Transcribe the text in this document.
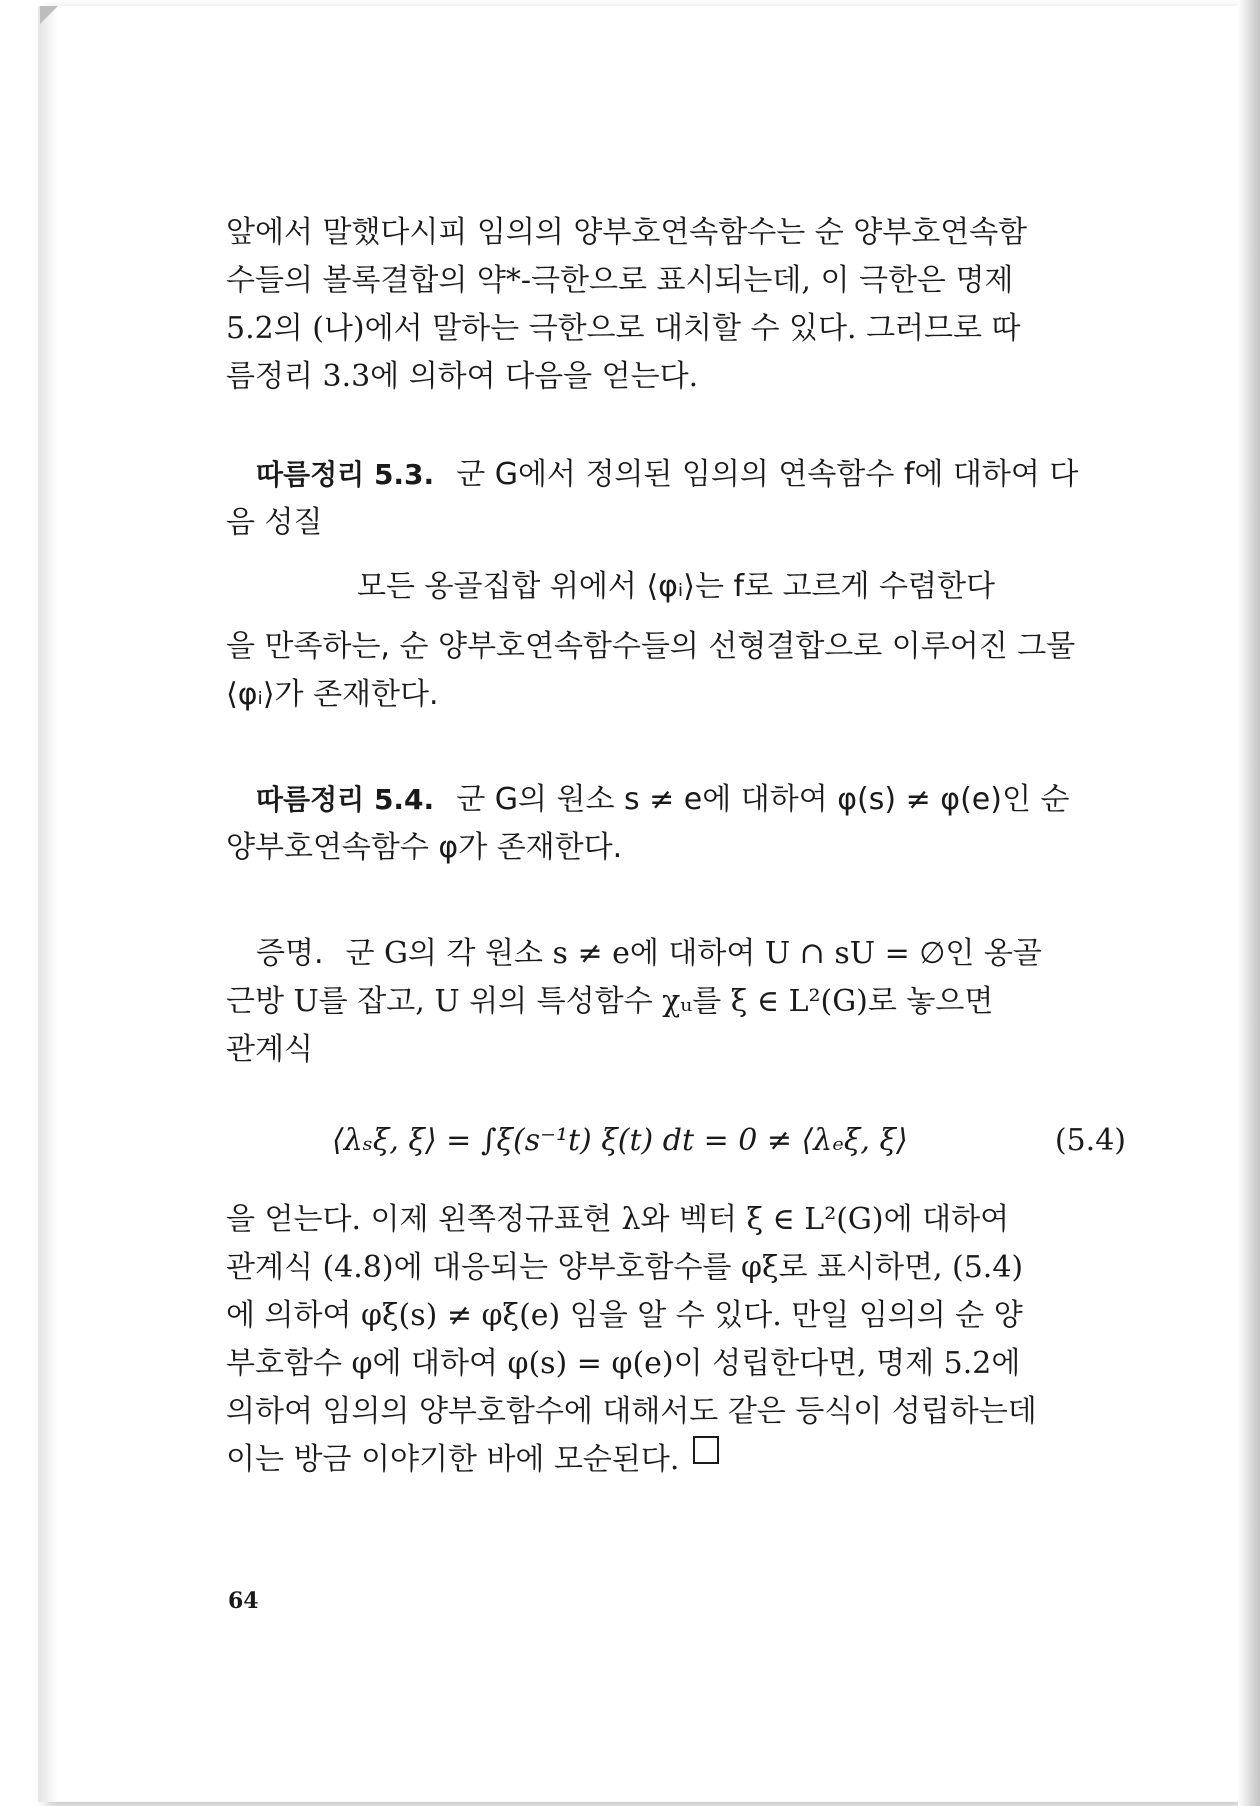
앞에서 말했다시피 임의의 양부호연속함수는 순 양부호연속함
수들의 볼록결합의 약*-극한으로 표시되는데, 이 극한은 명제
5.2의 (나)에서 말하는 극한으로 대치할 수 있다. 그러므로 따
름정리 3.3에 의하여 다음을 얻는다.
따름정리 5.3. 군 G에서 정의된 임의의 연속함수 f에 대하여 다
음 성질
모든 옹골집합 위에서 ⟨φᵢ⟩는 f로 고르게 수렴한다
을 만족하는, 순 양부호연속함수들의 선형결합으로 이루어진 그물
⟨φᵢ⟩가 존재한다.
따름정리 5.4. 군 G의 원소 s ≠ e에 대하여 φ(s) ≠ φ(e)인 순
양부호연속함수 φ가 존재한다.
증명. 군 G의 각 원소 s ≠ e에 대하여 U ∩ sU = ∅인 옹골
근방 U를 잡고, U 위의 특성함수 χᵤ를 ξ ∈ L²(G)로 놓으면
관계식
⟨λₛξ, ξ⟩ = ∫ξ(s⁻¹t) ξ(t) dt = 0 ≠ ⟨λₑξ, ξ⟩	(5.4)
을 얻는다. 이제 왼쪽정규표현 λ와 벡터 ξ ∈ L²(G)에 대하여
관계식 (4.8)에 대응되는 양부호함수를 φξ로 표시하면, (5.4)
에 의하여 φξ(s) ≠ φξ(e) 임을 알 수 있다. 만일 임의의 순 양
부호함수 φ에 대하여 φ(s) = φ(e)이 성립한다면, 명제 5.2에
의하여 임의의 양부호함수에 대해서도 같은 등식이 성립하는데
이는 방금 이야기한 바에 모순된다.
64
